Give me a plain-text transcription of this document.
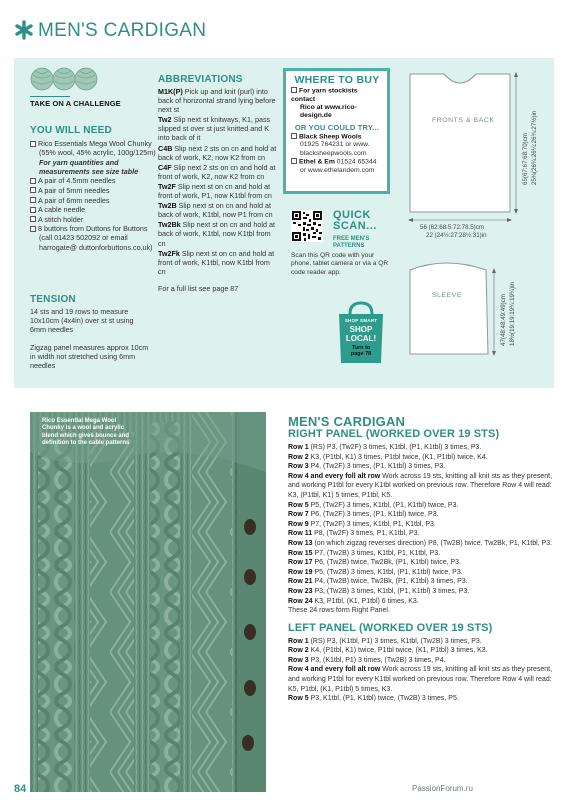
MEN'S CARDIGAN
TAKE ON A CHALLENGE
YOU WILL NEED
Rico Essentials Mega Wool Chunky (55% wool, 45% acrylic, 100g/125m)
For yarn quantities and measurements see size table
A pair of 4.5mm needles
A pair of 5mm needles
A pair of 6mm needles
A cable needle
A stitch holder
8 buttons from Duttons for Buttons (call 01423 502092 or email harrogate@ duttonforbuttons.co.uk)
TENSION
14 sts and 19 rows to measure 10x10cm (4x4in) over st st using 6mm needles
Zigzag panel measures approx 10cm in width not stretched using 6mm needles
ABBREVIATIONS

M1K(P) Pick up and knit (purl) into back of horizontal strand lying before next st

Tw2 Slip next st knitways, K1, pass slipped st over st just knitted and K into back of it

C4B Slip next 2 sts on cn and hold at back of work, K2, now K2 from cn

C4F Slip next 2 sts on cn and hold at front of work, K2, now K2 from cn

Tw2F Slip next st on cn and hold at front of work, P1, now K1tbl from cn

Tw2B Slip next st on cn and hold at back of work, K1tbl, now P1 from cn

Tw2Bk Slip next st on cn and hold at back of work, K1tbl, now K1tbl from cn

Tw2Fk Slip next st on cn and hold at front of work, K1tbl, now K1tbl from cn

For a full list see page 87

WHERE TO BUY
For yarn stockists contact
Rico at www.rico-design.de
OR YOU COULD TRY...
Black Sheep Wools
01925 764231 or www.
blacksheepwools.com
Ethel & Em 01524 65344
or www.ethelandem.com
QUICK
SCAN...
FREE MEN'S
PATTERNS
Scan this QR code with your phone, tablet camera or via a QR code reader app.
SHOP SMART
SHOP
LOCAL!
Turn to
page 78
FRONTS & BACK
SLEEVE
65(67:67:68:70)cm 25¾(26¼:26¼:26¾:27½)in
56 (62:68.5:72:78.5)cm
22 (24½:27:28½:31)in
47(48:48:49:49)cm 18½(19:19:19¼:19¼)in
Rico Essential Mega Wool Chunky is a wool and acrylic blend which gives bounce and definition to the cable patterns
MEN'S CARDIGAN
RIGHT PANEL (WORKED OVER 19 STS)
Row 1 (RS) P3, (Tw2F) 3 times, K1tbl, (P1, K1tbl) 3 times, P3.
Row 2 K3, (P1tbl, K1) 3 times, P1tbl twice, (K1, P1tbl) twice, K4.
Row 3 P4, (Tw2F) 3 times, (P1, K1tbl) 3 times, P3.
Row 4 and every foll alt row Work across 19 sts, knitting all knit sts as they present, and working P1tbl for every K1tbl worked on previous row. Therefore Row 4 will read: K3, (P1tbl, K1) 5 times, P1tbl, K5.
Row 5 P5, (Tw2F) 3 times, K1tbl, (P1, K1tbl) twice, P3.
Row 7 P6, (Tw2F) 3 times, (P1, K1tbl) twice, P3.
Row 9 P7, (Tw2F) 3 times, K1tbl, P1, K1tbl, P3.
Row 11 P8, (Tw2F) 3 times, P1, K1tbl, P3.
Row 13 (on which zigzag reverses direction) P8, (Tw2B) twice, Tw2Bk, P1, K1tbl, P3.
Row 15 P7, (Tw2B) 3 times, K1tbl, P1, K1tbl, P3.
Row 17 P6, (Tw2B) twice, Tw2Bk, (P1, K1tbl) twice, P3.
Row 19 P5, (Tw2B) 3 times, K1tbl, (P1, K1tbl) twice, P3.
Row 21 P4, (Tw2B) twice, Tw2Bk, (P1, K1tbl) 3 times, P3.
Row 23 P3, (Tw2B) 3 times, K1tbl, (P1, K1tbl) 3 times, P3.
Row 24 K3, P1tbl, (K1, P1tbl) 6 times, K3.
These 24 rows form Right Panel.
LEFT PANEL (WORKED OVER 19 STS)
Row 1 (RS) P3, (K1tbl, P1) 3 times, K1tbl, (Tw2B) 3 times, P3.
Row 2 K4, (P1tbl, K1) twice, P1tbl twice, (K1, P1tbl) 3 times, K3.
Row 3 P3, (K1tbl, P1) 3 times, (Tw2B) 3 times, P4.
Row 4 and every foll alt row Work across 19 sts, knitting all knit sts as they present, and working P1tbl for every K1tbl worked on previous row. Therefore Row 4 will read: K5, P1tbl, (K1, P1tbl) 5 times, K3.
Row 5 P3, K1tbl, (P1, K1tbl) twice, (Tw2B) 3 times, P5.
84	PassionForum.ru
